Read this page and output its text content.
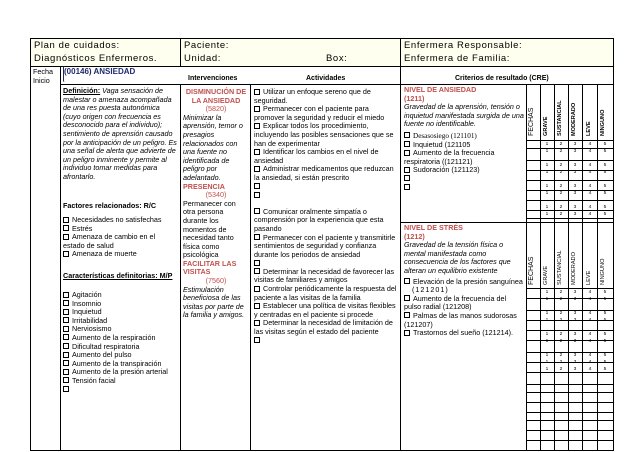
Plan de cuidados:
Diagnósticos Enfermeros.
Paciente:
Unidad:	Box:
Enfermera Responsable:
Enfermera de Familia:
Fecha
Inicio
(00146) ANSIEDAD
Intervenciones	Actividades	Criterios de resultado (CRE)
Definición: Vaga sensación de malestar o amenaza acompañada de una res puesta autonómica (cuyo origen con frecuencia es desconocido para el individuo); sentimiento de aprensión causado por la anticipación de un peligro. Es una señal de alerta que advierte de un peligro inminente y permite al individuo tomar medidas para afrontarlo.
Factores relacionados: R/C
Necesidades no satisfechas
Estrés
Amenaza de cambio en el estado de salud
Amenaza de muerte
Características definitorias: M/P
Agitación
Insomnio
Inquietud
Irritabilidad
Nerviosismo
Aumento de la respiración
Dificultad respiratoria
Aumento del pulso
Aumento de la transpiración
Aumento de la presión arterial
Tensión facial
DISMINUCIÓN DE LA ANSIEDAD
(5820)
Minimizar la aprensión, temor o presagios relacionados con una fuente no identificada de peligro por adelantado.
PRESENCIA
(5340)
Permanecer con otra persona durante los momentos de necesidad tanto física como psicológica
FACILITAR LAS VISITAS
(7560)
Estimulación beneficiosa de las visitas por parte de la familia y amigos.
Utilizar un enfoque sereno que de seguridad.
Permanecer con el paciente para promover la seguridad y reducir el miedo
Explicar todos los procedimiento, incluyendo las posibles sensaciones que se han de experimentar
Identificar los cambios en el nivel de ansiedad
Administrar medicamentos que reduzcan la ansiedad, si están prescrito
Comunicar oralmente simpatía o comprensión por la experiencia que esta pasando
Permanecer con el paciente y transmitirle sentimientos de seguridad y confianza durante los periodos de ansiedad
Determinar la necesidad de favorecer las visitas de familiares y amigos
Controlar periódicamente la respuesta del paciente a las visitas de la familia
Establecer una política de visitas flexibles y centradas en el paciente si procede
Determinar la necesidad de limitación de las visitas según el estado del paciente
NIVEL DE ANSIEDAD
(1211)
Gravedad de la aprensión, tensión o inquietud manifestada surgida de una fuente no identificable.
Desasosiego (121101)
Inquietud (121105
Aumento de la frecuencia respiratoria ((121121)
Sudoración (121123)
NIVEL DE STRÉS
(1212)
Gravedad de la tensión física o mental manifestada como consecuencia de los factores que alteran un equilibrio existente
Elevación de la presión sanguínea
(121201)
Aumento de la frecuencia del pulso radial (121208)
Palmas de las manos sudorosas (121207)
Trastornos del sueño (121214).
FECHAS GRAVE SUSTANCIAL MODERADO LEVE NINGUNO
FECHAS GRAVE SUSTANCIAL MODERADO LEVE NINGUNO
1	2	3	4	5
1	2	3	4	5
1	2	3	4	5
1	2	3	4	5
1	2	3	4	5
1	2	3	4	5
1	2	3	4	5
1	2	3	4	5
1	2	3	4	5
1	2	3	4	5
1	2	3	4	5
1	2	3	4	5
1	2	3	4	5
1	2	3	4	5
1	2	3	4	5
1	2	3	4	5
1	2	3	4	5
